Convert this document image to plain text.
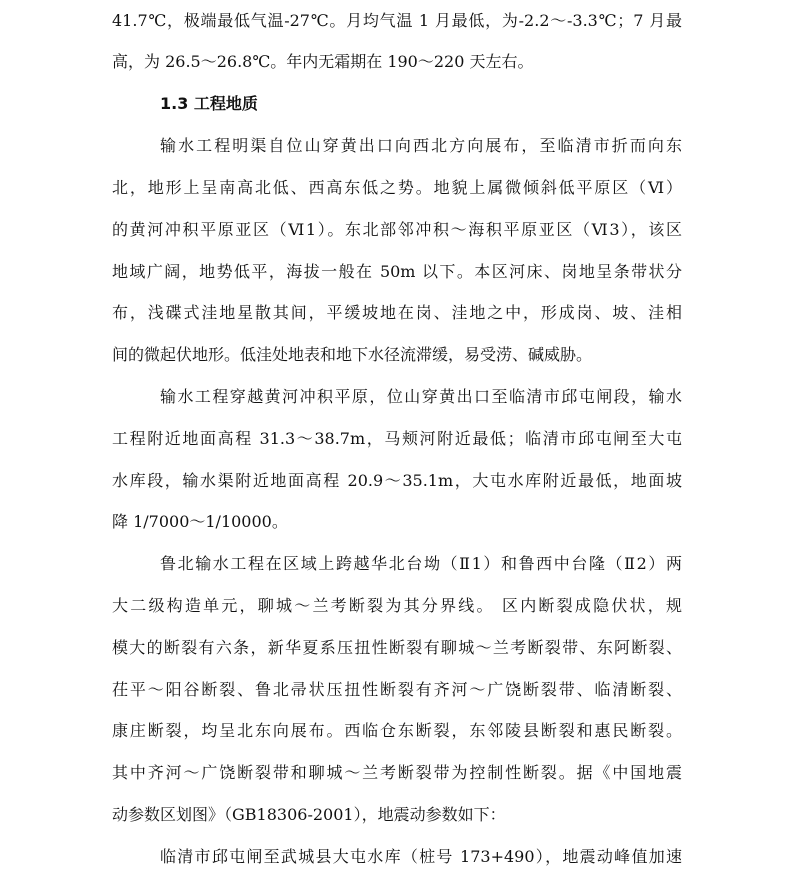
41.7℃，极端最低气温-27℃。月均气温 1 月最低，为-2.2～-3.3℃；7 月最
高，为 26.5～26.8℃。年内无霜期在 190～220 天左右。
1.3 工程地质
输水工程明渠自位山穿黄出口向西北方向展布，至临清市折而向东
北，地形上呈南高北低、西高东低之势。地貌上属微倾斜低平原区（Ⅵ）
的黄河冲积平原亚区（Ⅵ1）。东北部邻冲积～海积平原亚区（Ⅵ3），该区
地域广阔，地势低平，海拔一般在 50m 以下。本区河床、岗地呈条带状分
布，浅碟式洼地星散其间，平缓坡地在岗、洼地之中，形成岗、坡、洼相
间的微起伏地形。低洼处地表和地下水径流滞缓，易受涝、碱威胁。
输水工程穿越黄河冲积平原，位山穿黄出口至临清市邱屯闸段，输水
工程附近地面高程 31.3～38.7m，马颊河附近最低；临清市邱屯闸至大屯
水库段，输水渠附近地面高程 20.9～35.1m，大屯水库附近最低，地面坡
降 1/7000～1/10000。
鲁北输水工程在区域上跨越华北台坳（Ⅱ1）和鲁西中台隆（Ⅱ2）两
大二级构造单元，聊城～兰考断裂为其分界线。 区内断裂成隐伏状，规
模大的断裂有六条，新华夏系压扭性断裂有聊城～兰考断裂带、东阿断裂、
茌平～阳谷断裂、鲁北帚状压扭性断裂有齐河～广饶断裂带、临清断裂、
康庄断裂，均呈北东向展布。西临仓东断裂，东邻陵县断裂和惠民断裂。
其中齐河～广饶断裂带和聊城～兰考断裂带为控制性断裂。据《中国地震
动参数区划图》（GB18306-2001），地震动参数如下：
临清市邱屯闸至武城县大屯水库（桩号 173+490），地震动峰值加速
